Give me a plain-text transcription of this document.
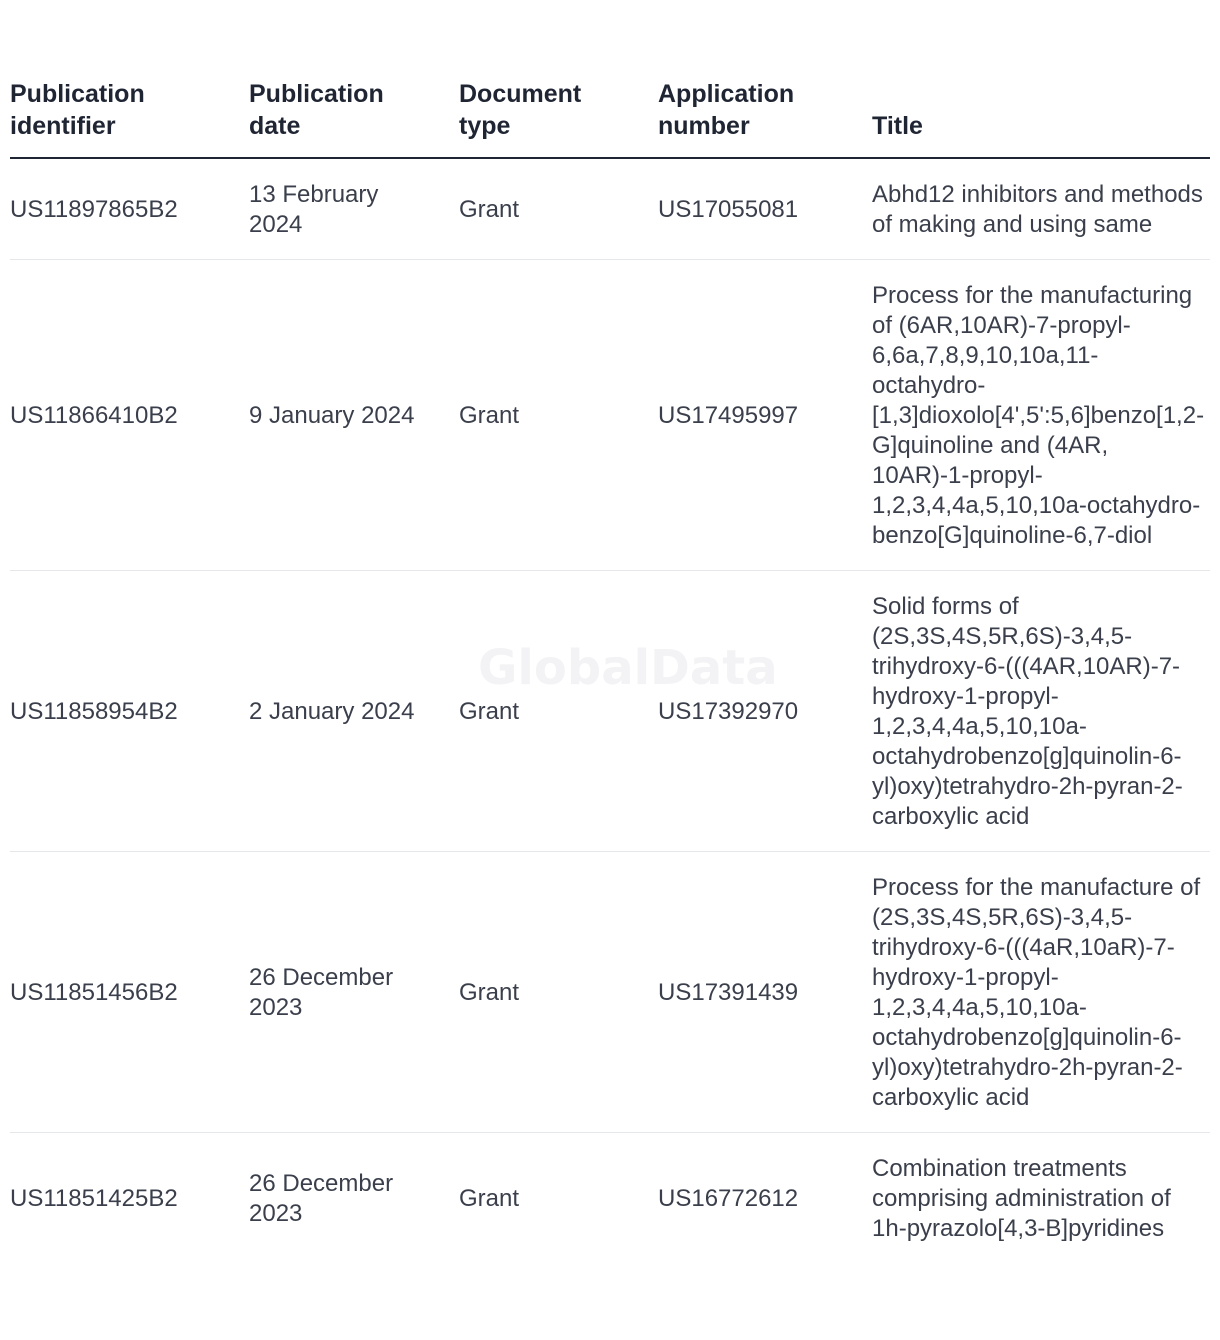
GlobalData
Publication identifier	Publication date	Document type	Application number	Title

US11897865B2	13 February 2024	Grant	US17055081	Abhd12 inhibitors and methods of making and using same

US11866410B2	9 January 2024	Grant	US17495997	Process for the manufacturing of (6AR,10AR)-7-propyl-6,6a,7,8,9,10,10a,11-octahydro-[1,3]dioxolo[4',5':5,6]benzo[1,2-G]quinoline and (4AR, 10AR)-1-propyl-1,2,3,4,4a,5,10,10a-octahydro-benzo[G]quinoline-6,7-diol

US11858954B2	2 January 2024	Grant	US17392970	Solid forms of (2S,3S,4S,5R,6S)-3,4,5-trihydroxy-6-(((4AR,10AR)-7-hydroxy-1-propyl-1,2,3,4,4a,5,10,10a-octahydrobenzo[g]quinolin-6-yl)oxy)tetrahydro-2h-pyran-2-carboxylic acid

US11851456B2	26 December 2023	Grant	US17391439	Process for the manufacture of (2S,3S,4S,5R,6S)-3,4,5-trihydroxy-6-(((4aR,10aR)-7-hydroxy-1-propyl-1,2,3,4,4a,5,10,10a-octahydrobenzo[g]quinolin-6-yl)oxy)tetrahydro-2h-pyran-2-carboxylic acid

US11851425B2	26 December 2023	Grant	US16772612	Combination treatments comprising administration of 1h-pyrazolo[4,3-B]pyridines
